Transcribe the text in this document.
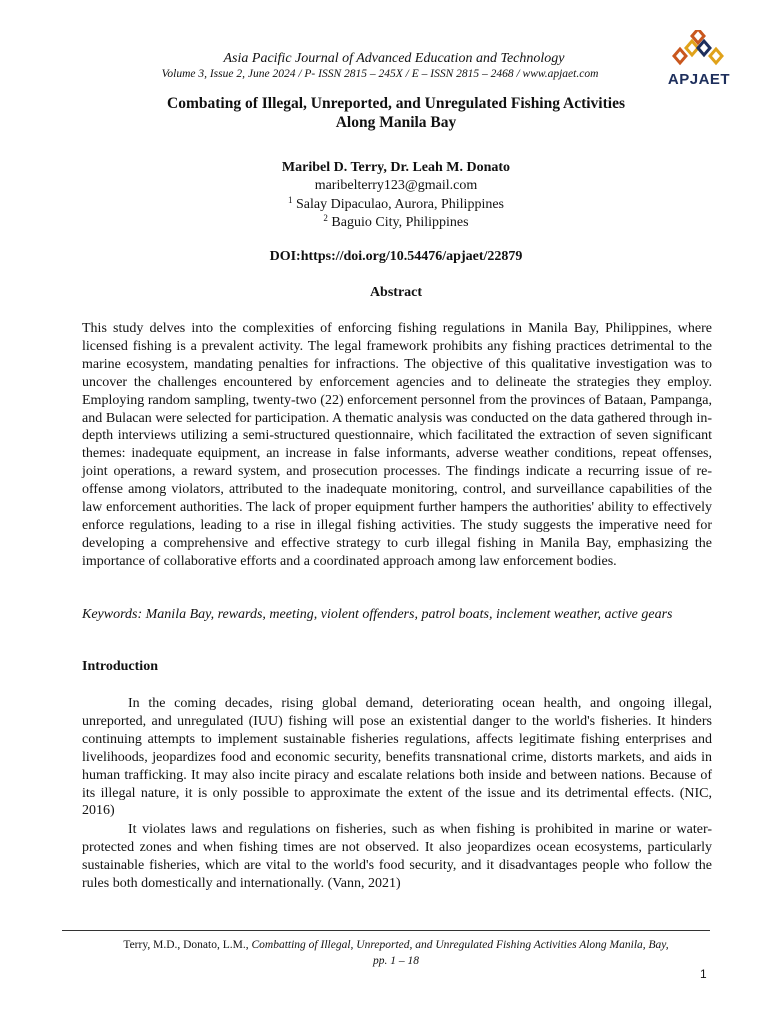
Asia Pacific Journal of Advanced Education and Technology
Volume 3, Issue 2, June 2024 / P- ISSN 2815 – 245X / E – ISSN 2815 – 2468 / www.apjaet.com	APJAET
Combating of Illegal, Unreported, and Unregulated Fishing Activities
Along Manila Bay
Maribel D. Terry, Dr. Leah M. Donato
maribelterry123@gmail.com
$^1$ Salay Dipaculao, Aurora, Philippines
$^2$ Baguio City, Philippines
DOI:https://doi.org/10.54476/apjaet/22879
Abstract

This study delves into the complexities of enforcing fishing regulations in Manila Bay, Philippines, where licensed fishing is a prevalent activity. The legal framework prohibits any fishing practices detrimental to the marine ecosystem, mandating penalties for infractions. The objective of this qualitative investigation was to uncover the challenges encountered by enforcement agencies and to delineate the strategies they employ. Employing random sampling, twenty-two (22) enforcement personnel from the provinces of Bataan, Pampanga, and Bulacan were selected for participation. A thematic analysis was conducted on the data gathered through in-depth interviews utilizing a semi-structured questionnaire, which facilitated the extraction of seven significant themes: inadequate equipment, an increase in false informants, adverse weather conditions, repeat offenses, joint operations, a reward system, and prosecution processes. The findings indicate a recurring issue of re-offense among violators, attributed to the inadequate monitoring, control, and surveillance capabilities of the law enforcement authorities. The lack of proper equipment further hampers the authorities' ability to effectively enforce regulations, leading to a rise in illegal fishing activities. The study suggests the imperative need for developing a comprehensive and effective strategy to curb illegal fishing in Manila Bay, emphasizing the importance of collaborative efforts and a coordinated approach among law enforcement bodies.

Keywords: Manila Bay, rewards, meeting, violent offenders, patrol boats, inclement weather, active gears
Introduction

In the coming decades, rising global demand, deteriorating ocean health, and ongoing illegal, unreported, and unregulated (IUU) fishing will pose an existential danger to the world's fisheries. It hinders continuing attempts to implement sustainable fisheries regulations, affects legitimate fishing enterprises and livelihoods, jeopardizes food and economic security, benefits transnational crime, distorts markets, and aids in human trafficking. It may also incite piracy and escalate relations both inside and between nations. Because of its illegal nature, it is only possible to approximate the extent of the issue and its detrimental effects. (NIC, 2016)

It violates laws and regulations on fisheries, such as when fishing is prohibited in marine or water-protected zones and when fishing times are not observed. It also jeopardizes ocean ecosystems, particularly sustainable fisheries, which are vital to the world's food security, and it disadvantages people who follow the rules both domestically and internationally. (Vann, 2021)

Terry, M.D., Donato, L.M., Combatting of Illegal, Unreported, and Unregulated Fishing Activities Along Manila, Bay,
pp. 1 – 18
1
